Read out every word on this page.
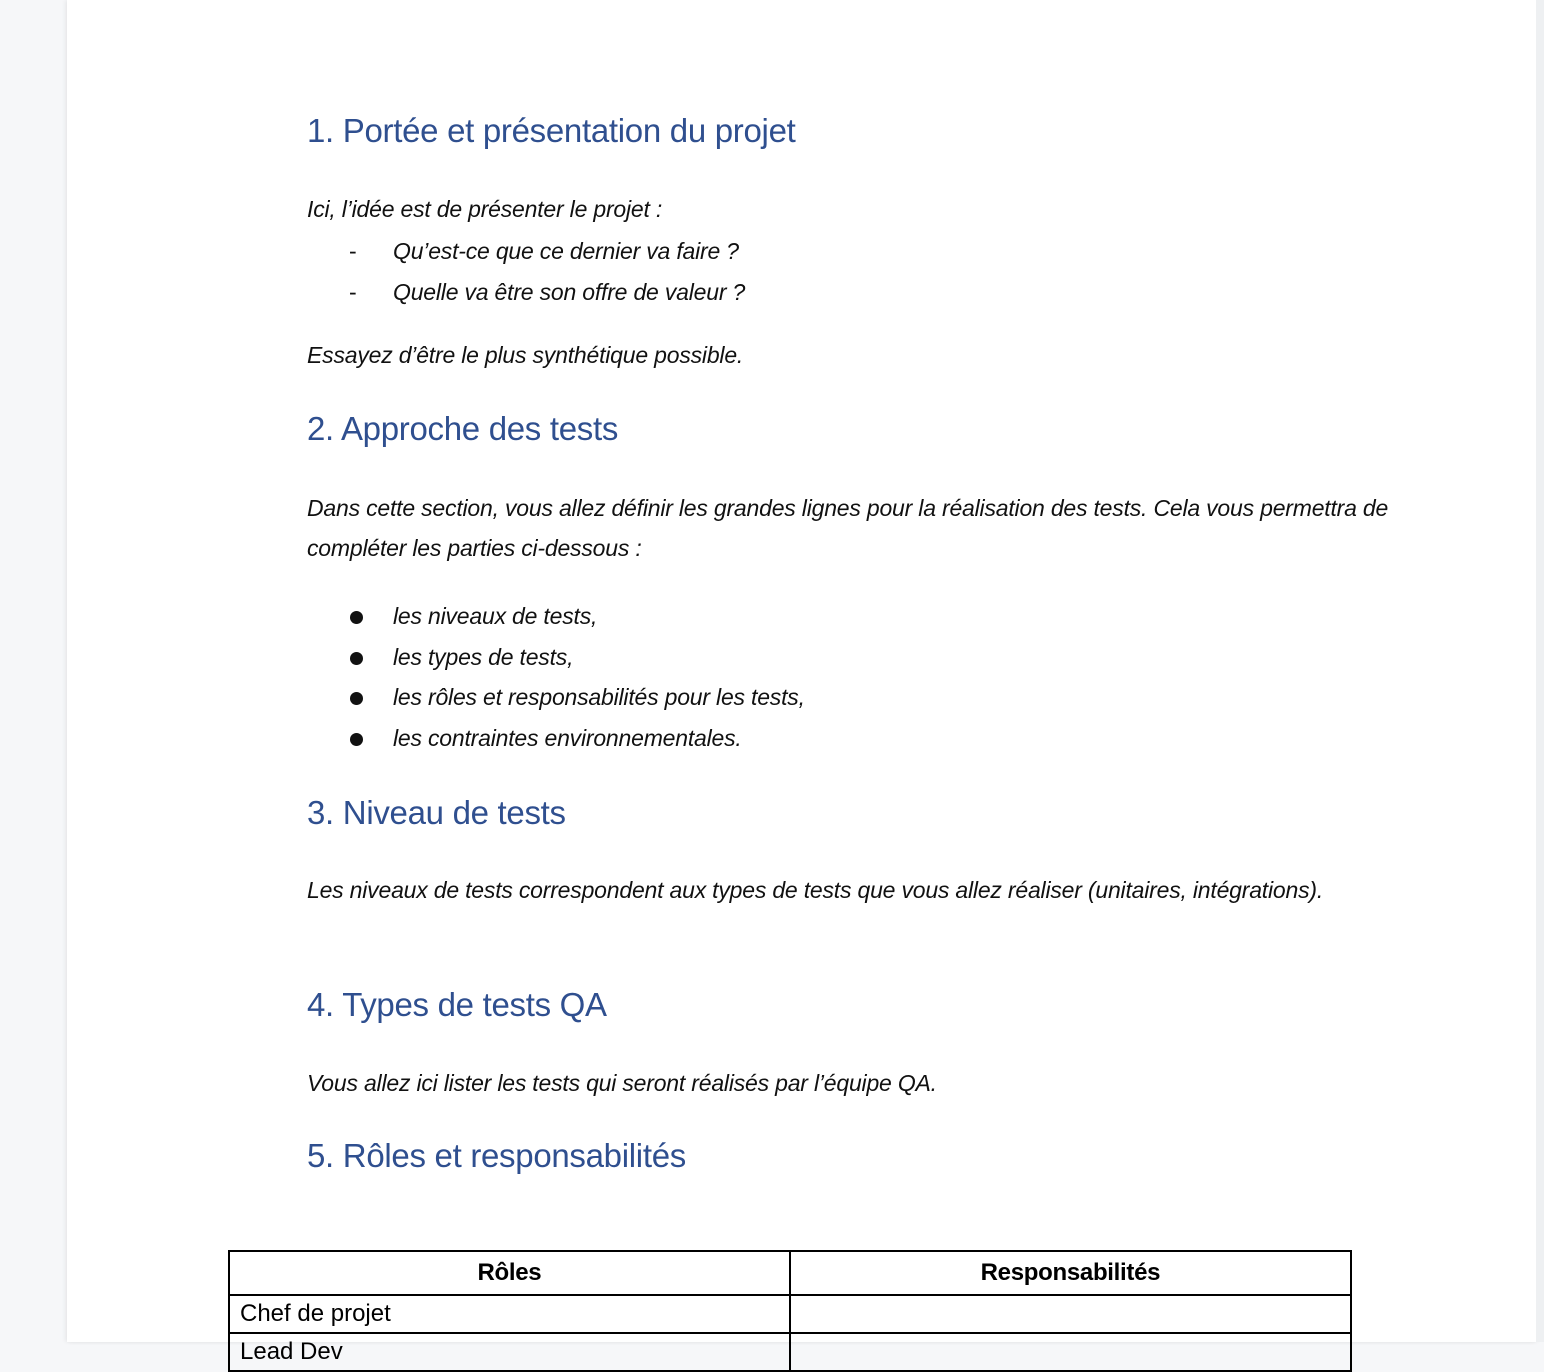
1. Portée et présentation du projet

Ici, l’idée est de présenter le projet :

- Qu’est-ce que ce dernier va faire ?
- Quelle va être son offre de valeur ?

Essayez d’être le plus synthétique possible.

2. Approche des tests

Dans cette section, vous allez définir les grandes lignes pour la réalisation des tests. Cela vous permettra de compléter les parties ci-dessous :

les niveaux de tests,
les types de tests,
les rôles et responsabilités pour les tests,
les contraintes environnementales.
3. Niveau de tests

Les niveaux de tests correspondent aux types de tests que vous allez réaliser (unitaires, intégrations).

4. Types de tests QA

Vous allez ici lister les tests qui seront réalisés par l’équipe QA.

5. Rôles et responsabilités
Rôles	Responsabilités
Chef de projet	
Lead Dev	
